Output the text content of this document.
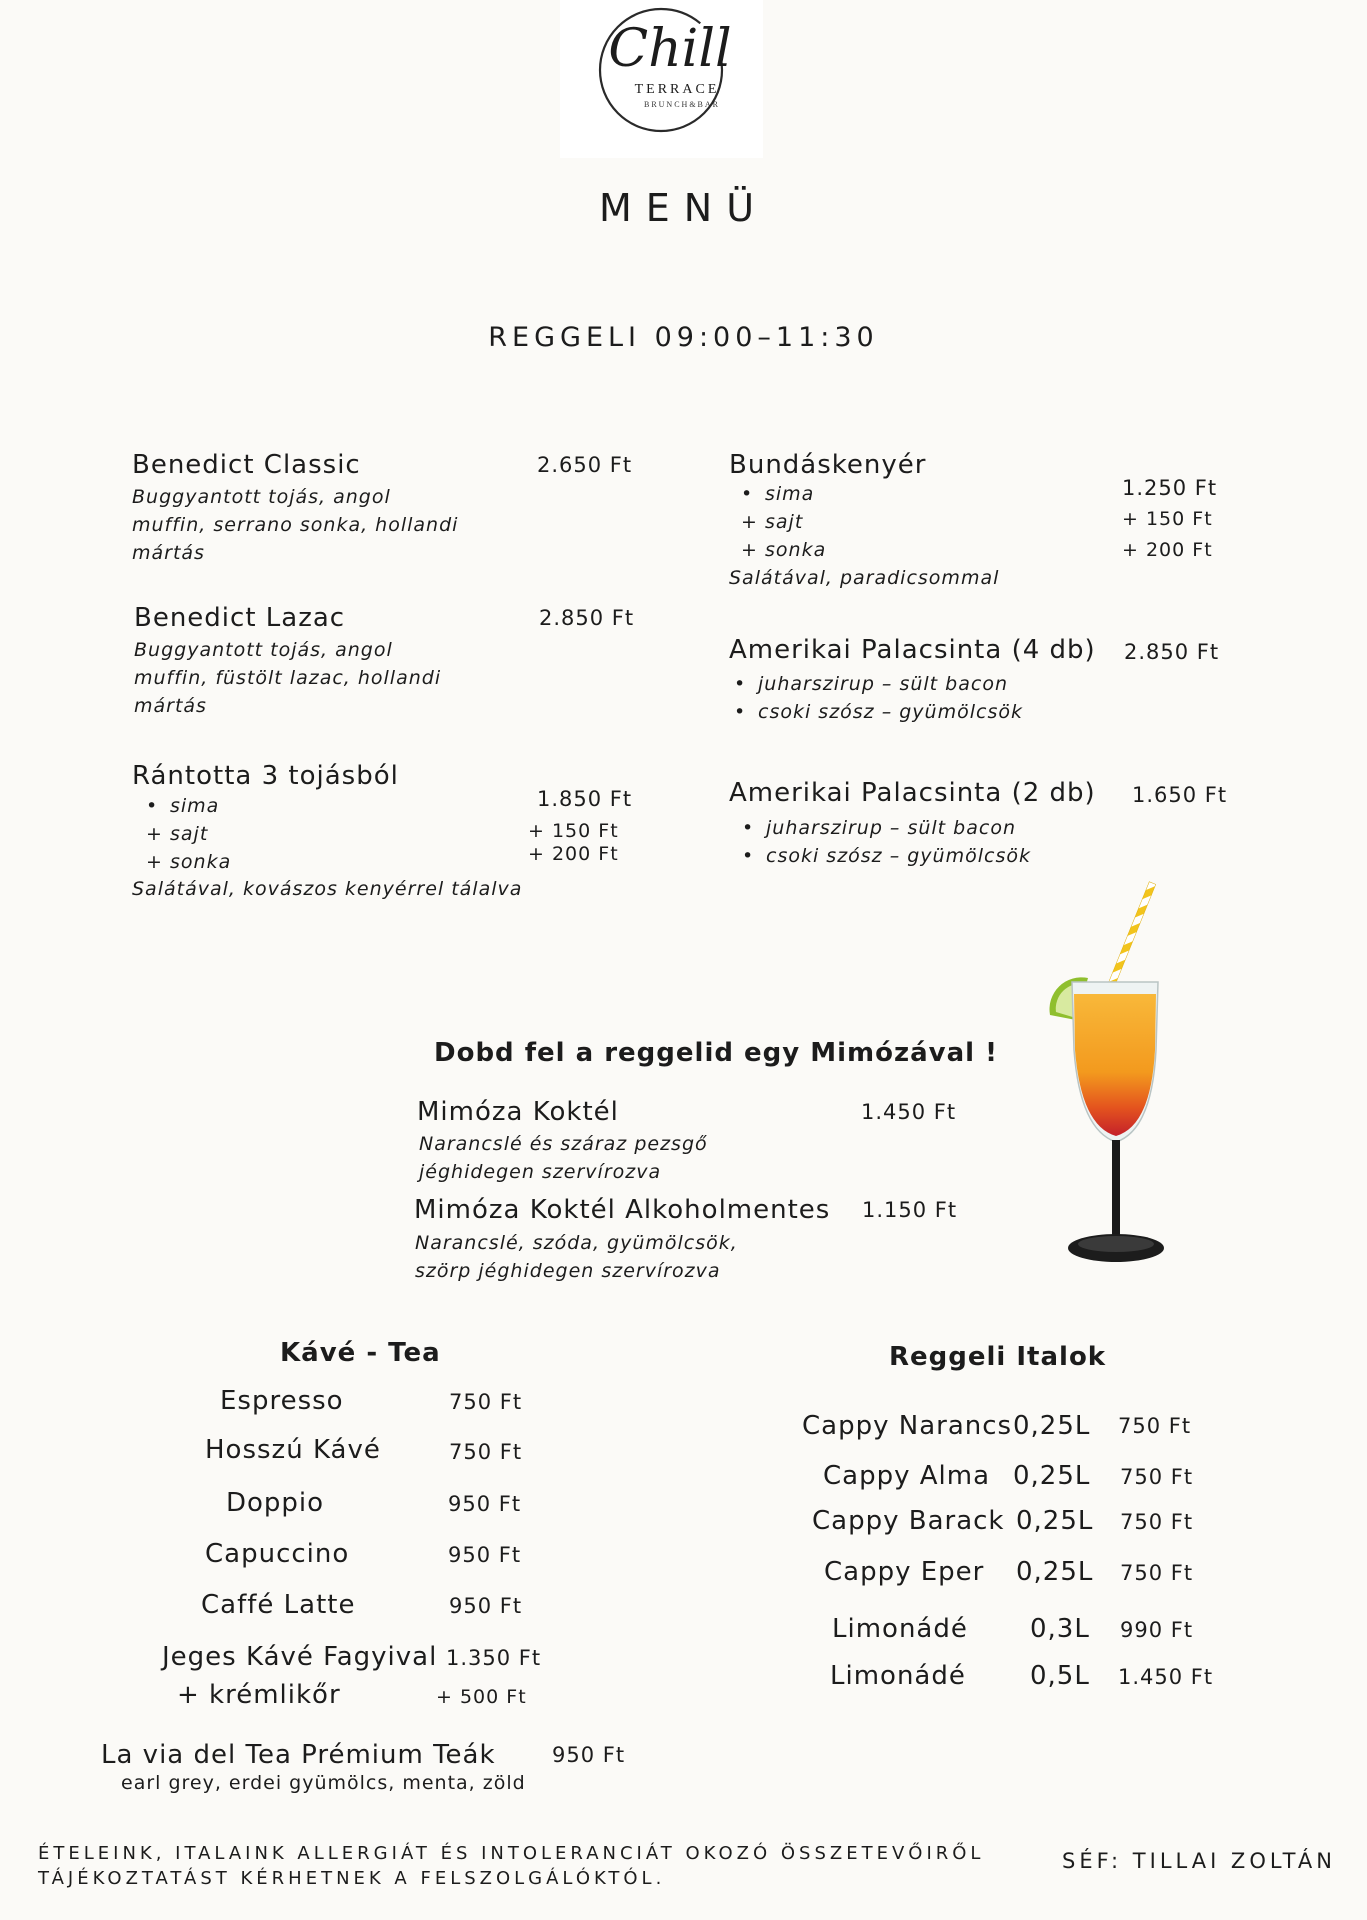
Chill
TERRACE
BRUNCH&BAR
MENÜ
REGGELI 09:00–11:30
Benedict Classic	2.650 Ft
Buggyantott tojás, angol
muffin, serrano sonka, hollandi
mártás
Benedict Lazac	2.850 Ft
Buggyantott tojás, angol
muffin, füstölt lazac, hollandi
mártás
Rántotta 3 tojásból
• sima
+ sajt
+ sonka
1.850 Ft
+ 150 Ft
+ 200 Ft
Salátával, kovászos kenyérrel tálalva
Bundáskenyér
• sima
+ sajt
+ sonka
1.250 Ft
+ 150 Ft
+ 200 Ft
Salátával, paradicsommal
Amerikai Palacsinta (4 db) 2.850 Ft
• juharszirup – sült bacon
• csoki szósz – gyümölcsök
Amerikai Palacsinta (2 db) 1.650 Ft
• juharszirup – sült bacon
• csoki szósz – gyümölcsök
Dobd fel a reggelid egy Mimózával !
Mimóza Koktél	1.450 Ft
Narancslé és száraz pezsgő
jéghidegen szervírozva
Mimóza Koktél Alkoholmentes 1.150 Ft
Narancslé, szóda, gyümölcsök,
szörp jéghidegen szervírozva
Kávé - Tea
Espresso	750 Ft
Hosszú Kávé	750 Ft
Doppio	950 Ft
Capuccino	950 Ft
Caffé Latte	950 Ft
Jeges Kávé Fagyival 1.350 Ft
+ krémlikőr	+ 500 Ft
La via del Tea Prémium Teák	950 Ft
earl grey, erdei gyümölcs, menta, zöld
Reggeli Italok
Cappy Narancs 0,25L 750 Ft
Cappy Alma 0,25L 750 Ft
Cappy Barack 0,25L 750 Ft
Cappy Eper 0,25L 750 Ft
Limonádé 0,3L 990 Ft
Limonádé 0,5L 1.450 Ft
ÉTELEINK, ITALAINK ALLERGIÁT ÉS INTOLERANCIÁT OKOZÓ ÖSSZETEVŐIRŐL
TÁJÉKOZTATÁST KÉRHETNEK A FELSZOLGÁLÓKTÓL.
SÉF: TILLAI ZOLTÁN
